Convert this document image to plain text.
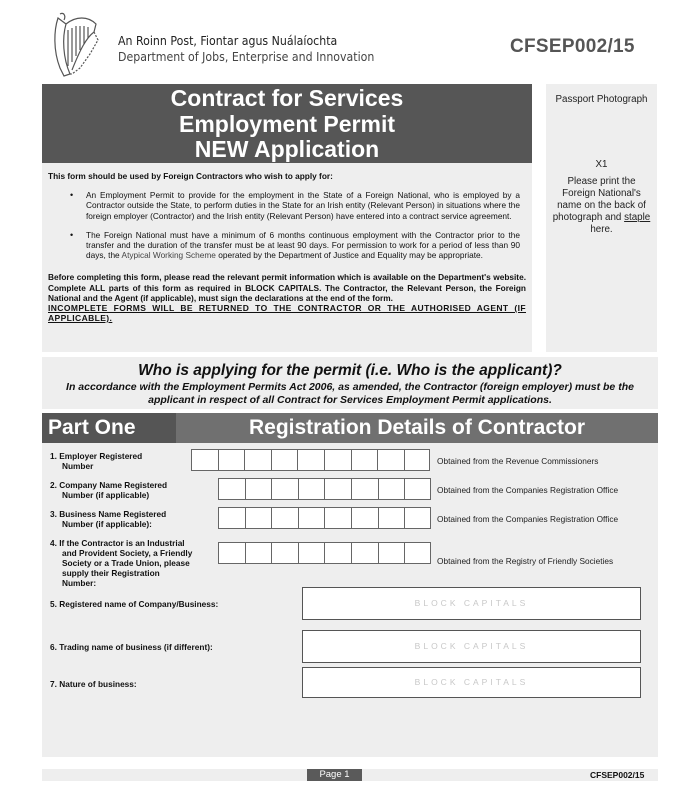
An Roinn Post, Fiontar agus Nuálaíochta
Department of Jobs, Enterprise and Innovation	CFSEP002/15
Contract for Services
Employment Permit
NEW Application
This form should be used by Foreign Contractors who wish to apply for:
•	An Employment Permit to provide for the employment in the State of a Foreign National, who is employed by a Contractor outside the State, to perform duties in the State for an Irish entity (Relevant Person) in situations where the foreign employer (Contractor) and the Irish entity (Relevant Person) have entered into a contract service agreement.
•	The Foreign National must have a minimum of 6 months continuous employment with the Contractor prior to the transfer and the duration of the transfer must be at least 90 days. For permission to work for a period of less than 90 days, the Atypical Working Scheme operated by the Department of Justice and Equality may be appropriate.
Before completing this form, please read the relevant permit information which is available on the Department's website. Complete ALL parts of this form as required in BLOCK CAPITALS. The Contractor, the Relevant Person, the Foreign National and the Agent (if applicable), must sign the declarations at the end of the form.
INCOMPLETE FORMS WILL BE RETURNED TO THE CONTRACTOR OR THE AUTHORISED AGENT (IF APPLICABLE).
Passport Photograph
X1
Please print the Foreign National's name on the back of photograph and staple here.
Who is applying for the permit (i.e. Who is the applicant)?
In accordance with the Employment Permits Act 2006, as amended, the Contractor (foreign employer) must be the applicant in respect of all Contract for Services Employment Permit applications.
Part One	Registration Details of Contractor
1. Employer Registered
Number	Obtained from the Revenue Commissioners
2. Company Name Registered
Number (if applicable)	Obtained from the Companies Registration Office
3. Business Name Registered
Number (if applicable):	Obtained from the Companies Registration Office
4. If the Contractor is an Industrial
and Provident Society, a Friendly
Society or a Trade Union, please
supply their Registration
Number:
Obtained from the Registry of Friendly Societies
5. Registered name of Company/Business:	BLOCK CAPITALS
6. Trading name of business (if different):	BLOCK CAPITALS
7. Nature of business:	BLOCK CAPITALS
Page 1	CFSEP002/15
